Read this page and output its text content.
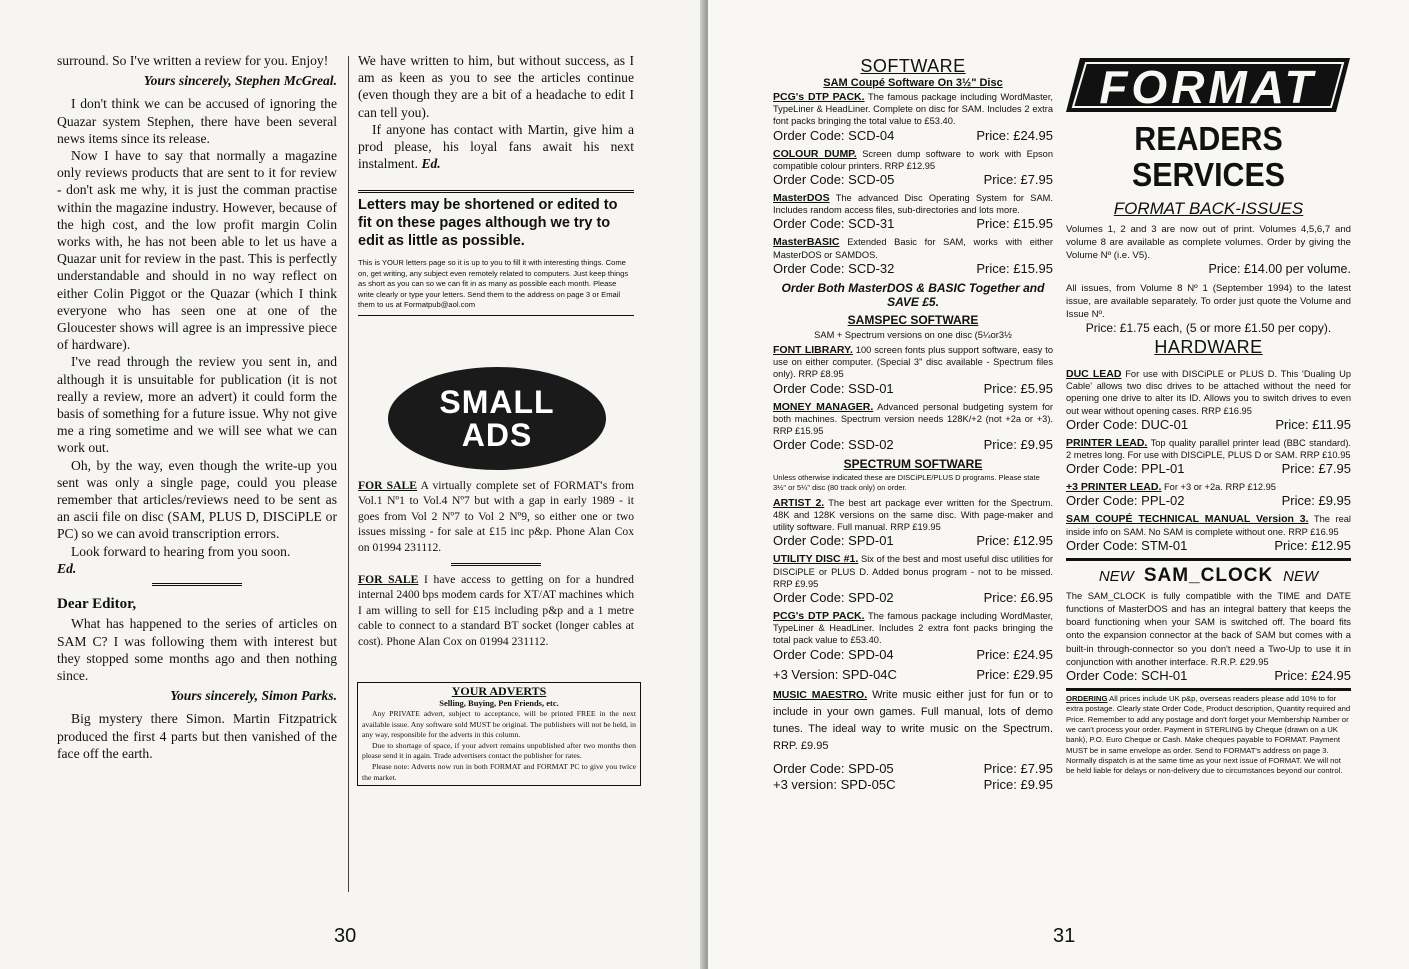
surround. So I've written a review for you. Enjoy!

Yours sincerely, Stephen McGreal.

I don't think we can be accused of ignoring the Quazar system Stephen, there have been several news items since its release.

Now I have to say that normally a magazine only reviews products that are sent to it for review - don't ask me why, it is just the comman practise within the magazine industry. However, because of the high cost, and the low profit margin Colin works with, he has not been able to let us have a Quazar unit for review in the past. This is perfectly understandable and should in no way reflect on either Colin Piggot or the Quazar (which I think everyone who has seen one at one of the Gloucester shows will agree is an impressive piece of hardware).

I've read through the review you sent in, and although it is unsuitable for publication (it is not really a review, more an advert) it could form the basis of something for a future issue. Why not give me a ring sometime and we will see what we can work out.

Oh, by the way, even though the write-up you sent was only a single page, could you please remember that articles/reviews need to be sent as an ascii file on disc (SAM, PLUS D, DISCiPLE or PC) so we can avoid transcription errors.

Look forward to hearing from you soon.

Ed.

Dear Editor,

What has happened to the series of articles on SAM C? I was following them with interest but they stopped some months ago and then nothing since.

Yours sincerely, Simon Parks.

Big mystery there Simon. Martin Fitzpatrick produced the first 4 parts but then vanished of the face off the earth.

We have written to him, but without success, as I am as keen as you to see the articles continue (even though they are a bit of a headache to edit I can tell you).

If anyone has contact with Martin, give him a prod please, his loyal fans await his next instalment. Ed.

Letters may be shortened or edited to fit on these pages although we try to edit as little as possible.
This is YOUR letters page so it is up to you to fill it with interesting things. Come on, get writing, any subject even remotely related to computers. Just keep things as short as you can so we can fit in as many as possible each month. Please write clearly or type your letters. Send them to the address on page 3 or Email them to us at Formatpub@aol.com
SMALL
ADS

FOR SALE A virtually complete set of FORMAT's from Vol.1 Nº1 to Vol.4 Nº7 but with a gap in early 1989 - it goes from Vol 2 Nº7 to Vol 2 Nº9, so either one or two issues missing - for sale at £15 inc p&p. Phone Alan Cox on 01994 231112.

FOR SALE I have access to getting on for a hundred internal 2400 bps modem cards for XT/AT machines which I am willing to sell for £15 including p&p and a 1 metre cable to connect to a standard BT socket (longer cables at cost). Phone Alan Cox on 01994 231112.

YOUR ADVERTS
Selling, Buying, Pen Friends, etc.

Any PRIVATE advert, subject to acceptance, will be printed FREE in the next available issue. Any software sold MUST be original. The publishers will not be held, in any way, responsible for the adverts in this column.

Due to shortage of space, if your advert remains unpublished after two months then please send it in again. Trade advertisers contact the publisher for rates.

Please note: Adverts now run in both FORMAT and FORMAT PC to give you twice the market.

30
SOFTWARE
SAM Coupé Software On 3½" Disc

PCG's DTP PACK. The famous package including WordMaster, TypeLiner & HeadLiner. Complete on disc for SAM. Includes 2 extra font packs bringing the total value to £53.40.

Order Code: SCD-04	Price: £24.95

COLOUR DUMP. Screen dump software to work with Epson compatible colour printers. RRP £12.95

Order Code: SCD-05	Price: £7.95

MasterDOS The advanced Disc Operating System for SAM. Includes random access files, sub-directories and lots more.

Order Code: SCD-31	Price: £15.95

MasterBASIC Extended Basic for SAM, works with either MasterDOS or SAMDOS.

Order Code: SCD-32	Price: £15.95
Order Both MasterDOS & BASIC Together and SAVE £5.
SAMSPEC SOFTWARE
SAM + Spectrum versions on one disc (5¼or3½

FONT LIBRARY. 100 screen fonts plus support software, easy to use on either computer. (Special 3" disc available - Spectrum files only). RRP £8.95

Order Code: SSD-01	Price: £5.95

MONEY MANAGER. Advanced personal budgeting system for both machines. Spectrum version needs 128K/+2 (not +2a or +3). RRP £15.95

Order Code: SSD-02	Price: £9.95
SPECTRUM SOFTWARE
Unless otherwise indicated these are DISCiPLE/PLUS D programs. Please state 3½" or 5¼" disc (80 track only) on order.

ARTIST 2. The best art package ever written for the Spectrum. 48K and 128K versions on the same disc. With page-maker and utility software. Full manual. RRP £19.95

Order Code: SPD-01	Price: £12.95

UTILITY DISC #1. Six of the best and most useful disc utilities for DISCiPLE or PLUS D. Added bonus program - not to be missed. RRP £9.95

Order Code: SPD-02	Price: £6.95

PCG's DTP PACK. The famous package including WordMaster, TypeLiner & HeadLiner. Includes 2 extra font packs bringing the total pack value to £53.40.

Order Code: SPD-04	Price: £24.95
+3 Version: SPD-04C	Price: £29.95

MUSIC MAESTRO. Write music either just for fun or to include in your own games. Full manual, lots of demo tunes. The ideal way to write music on the Spectrum. RRP. £9.95

Order Code: SPD-05	Price: £7.95
+3 version: SPD-05C	Price: £9.95
FORMAT
READERS SERVICES
FORMAT BACK-ISSUES

Volumes 1, 2 and 3 are now out of print. Volumes 4,5,6,7 and volume 8 are available as complete volumes. Order by giving the Volume Nº (i.e. V5).

Price: £14.00 per volume.

All issues, from Volume 8 Nº 1 (September 1994) to the latest issue, are available separately. To order just quote the Volume and Issue Nº.

Price: £1.75 each, (5 or more £1.50 per copy).
HARDWARE

DUC LEAD For use with DISCiPLE or PLUS D. This 'Dualing Up Cable' allows two disc drives to be attached without the need for opening one drive to alter its ID. Allows you to switch drives to even out wear without opening cases. RRP £16.95

Order Code: DUC-01	Price: £11.95

PRINTER LEAD. Top quality parallel printer lead (BBC standard). 2 metres long. For use with DISCiPLE, PLUS D or SAM. RRP £10.95

Order Code: PPL-01	Price: £7.95

+3 PRINTER LEAD. For +3 or +2a. RRP £12.95

Order Code: PPL-02	Price: £9.95

SAM COUPÉ TECHNICAL MANUAL Version 3. The real inside info on SAM. No SAM is complete without one. RRP £16.95

Order Code: STM-01	Price: £12.95
NEW SAM_CLOCK NEW

The SAM_CLOCK is fully compatible with the TIME and DATE functions of MasterDOS and has an integral battery that keeps the board functioning when your SAM is switched off. The board fits onto the expansion connector at the back of SAM but comes with a built-in through-connector so you don't need a Two-Up to use it in conjunction with another interface. R.R.P. £29.95

Order Code: SCH-01	Price: £24.95

ORDERING All prices include UK p&p, overseas readers please add 10% to for extra postage. Clearly state Order Code, Product description, Quantity required and Price. Remember to add any postage and don't forget your Membership Number or we can't process your order. Payment in STERLING by Cheque (drawn on a UK bank), P.O. Euro Cheque or Cash. Make cheques payable to FORMAT. Payment MUST be in same envelope as order. Send to FORMAT's address on page 3. Normally dispatch is at the same time as your next issue of FORMAT. We will not be held liable for delays or non-delivery due to circumstances beyond our control.

31
